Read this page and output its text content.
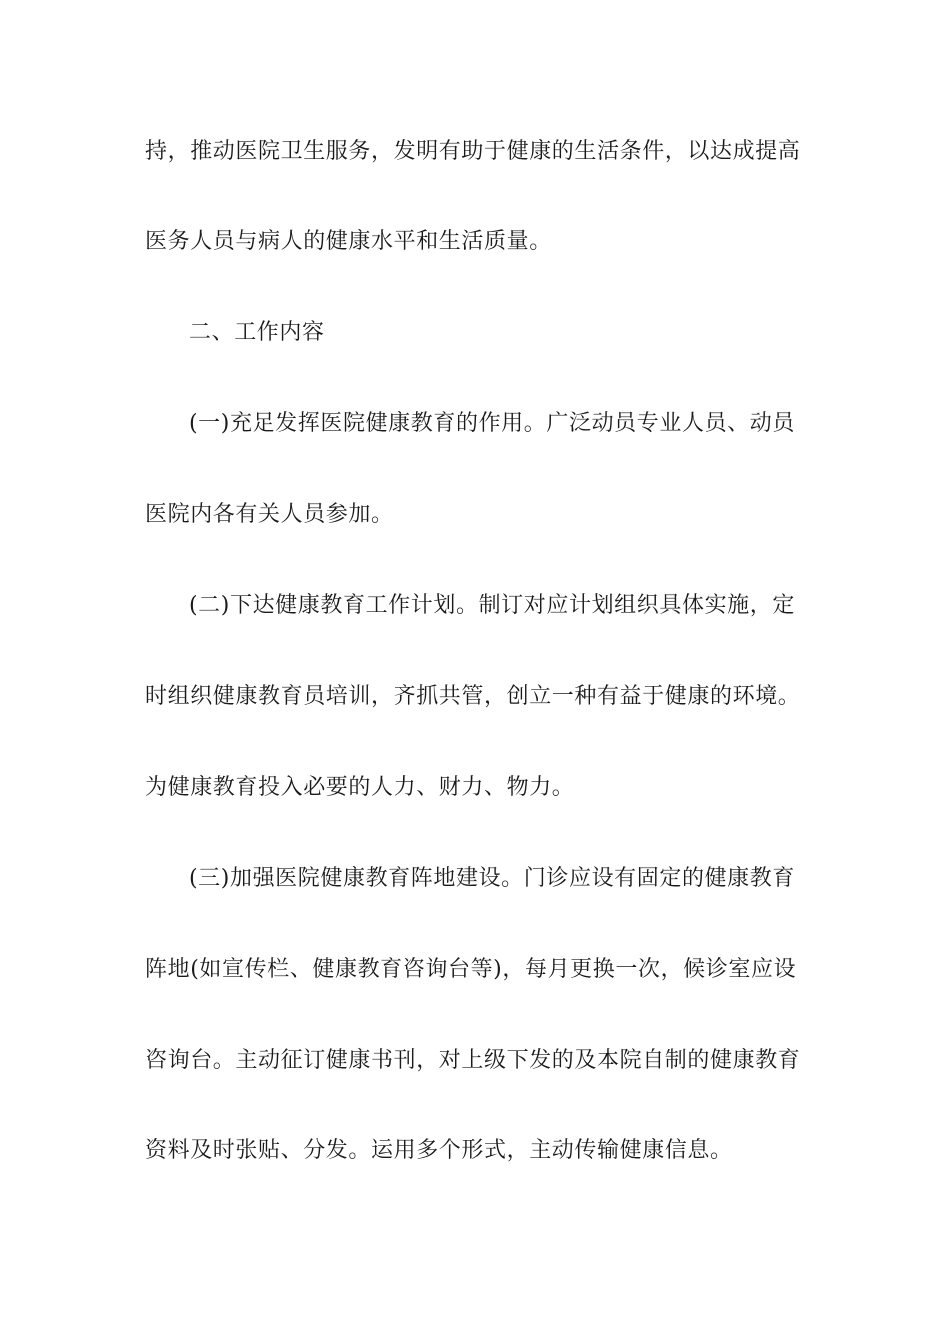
持，推动医院卫生服务，发明有助于健康的生活条件，以达成提高
医务人员与病人的健康水平和生活质量。
二、工作内容
(一)充足发挥医院健康教育的作用。广泛动员专业人员、动员
医院内各有关人员参加。
(二)下达健康教育工作计划。制订对应计划组织具体实施，定
时组织健康教育员培训，齐抓共管，创立一种有益于健康的环境。
为健康教育投入必要的人力、财力、物力。
(三)加强医院健康教育阵地建设。门诊应设有固定的健康教育
阵地(如宣传栏、健康教育咨询台等)，每月更换一次，候诊室应设
咨询台。主动征订健康书刊，对上级下发的及本院自制的健康教育
资料及时张贴、分发。运用多个形式，主动传输健康信息。
